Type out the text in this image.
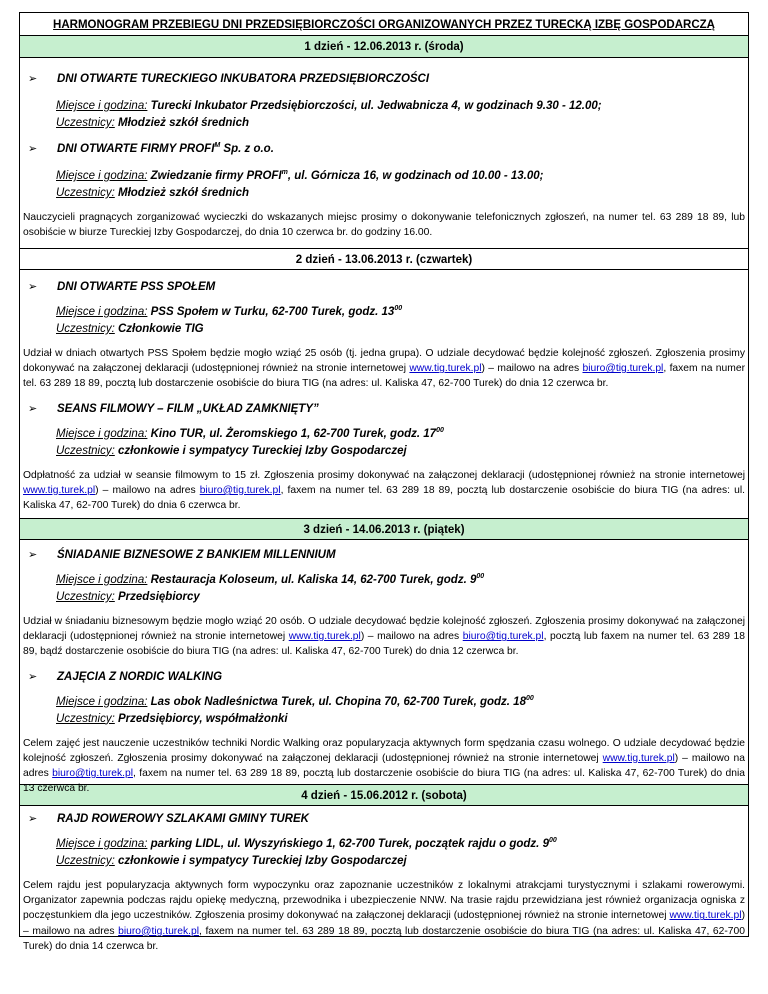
HARMONOGRAM PRZEBIEGU DNI PRZEDSIĘBIORCZOŚCI ORGANIZOWANYCH PRZEZ TURECKĄ IZBĘ GOSPODARCZĄ
1 dzień - 12.06.2013 r. (środa)
➢ DNI OTWARTE TURECKIEGO INKUBATORA PRZEDSIĘBIORCZOŚCI
Miejsce i godzina: Turecki Inkubator Przedsiębiorczości, ul. Jedwabnicza 4, w godzinach 9.30 - 12.00;
Uczestnicy: Młodzież szkół średnich
➢ DNI OTWARTE FIRMY $PROFI^M$ Sp. z o.o.
Miejsce i godzina: Zwiedzanie firmy PROFI$^m$, ul. Górnicza 16, w godzinach od 10.00 - 13.00;
Uczestnicy: Młodzież szkół średnich
Nauczycieli pragnących zorganizować wycieczki do wskazanych miejsc prosimy o dokonywanie telefonicznych zgłoszeń, na numer tel. 63 289 18 89, lub osobiście w biurze Tureckiej Izby Gospodarczej, do dnia 10 czerwca br. do godziny 16.00.
2 dzień - 13.06.2013 r. (czwartek)
➢ DNI OTWARTE PSS SPOŁEM
Miejsce i godzina: PSS Społem w Turku, 62-700 Turek, godz. $13^{00}$
Uczestnicy: Członkowie TIG
Udział w dniach otwartych PSS Społem będzie mogło wziąć 25 osób (tj. jedna grupa). O udziale decydować będzie kolejność zgłoszeń. Zgłoszenia prosimy dokonywać na załączonej deklaracji (udostępnionej również na stronie internetowej www.tig.turek.pl) – mailowo na adres biuro@tig.turek.pl, faxem na numer tel. 63 289 18 89, pocztą lub dostarczenie osobiście do biura TIG (na adres: ul. Kaliska 47, 62-700 Turek) do dnia 12 czerwca br.
➢ SEANS FILMOWY – FILM „UKŁAD ZAMKNIĘTY”
Miejsce i godzina: Kino TUR, ul. Żeromskiego 1, 62-700 Turek, godz. $17^{00}$
Uczestnicy: członkowie i sympatycy Tureckiej Izby Gospodarczej
Odpłatność za udział w seansie filmowym to 15 zł. Zgłoszenia prosimy dokonywać na załączonej deklaracji (udostępnionej również na stronie internetowej www.tig.turek.pl) – mailowo na adres biuro@tig.turek.pl, faxem na numer tel. 63 289 18 89, pocztą lub dostarczenie osobiście do biura TIG (na adres: ul. Kaliska 47, 62-700 Turek) do dnia 6 czerwca br.
3 dzień - 14.06.2013 r. (piątek)
➢ ŚNIADANIE BIZNESOWE Z BANKIEM MILLENNIUM
Miejsce i godzina: Restauracja Koloseum, ul. Kaliska 14, 62-700 Turek, godz. $9^{00}$
Uczestnicy: Przedsiębiorcy
Udział w śniadaniu biznesowym będzie mogło wziąć 20 osób. O udziale decydować będzie kolejność zgłoszeń. Zgłoszenia prosimy dokonywać na załączonej deklaracji (udostępnionej również na stronie internetowej www.tig.turek.pl) – mailowo na adres biuro@tig.turek.pl, pocztą lub faxem na numer tel. 63 289 18 89, bądź dostarczenie osobiście do biura TIG (na adres: ul. Kaliska 47, 62-700 Turek) do dnia 12 czerwca br.
➢ ZAJĘCIA Z NORDIC WALKING
Miejsce i godzina: Las obok Nadleśnictwa Turek, ul. Chopina 70, 62-700 Turek, godz. $18^{00}$
Uczestnicy: Przedsiębiorcy, współmałżonki
Celem zajęć jest nauczenie uczestników techniki Nordic Walking oraz popularyzacja aktywnych form spędzania czasu wolnego. O udziale decydować będzie kolejność zgłoszeń. Zgłoszenia prosimy dokonywać na załączonej deklaracji (udostępnionej również na stronie internetowej www.tig.turek.pl) – mailowo na adres biuro@tig.turek.pl, faxem na numer tel. 63 289 18 89, pocztą lub dostarczenie osobiście do biura TIG (na adres: ul. Kaliska 47, 62-700 Turek) do dnia 13 czerwca br.
4 dzień - 15.06.2012 r. (sobota)
➢ RAJD ROWEROWY SZLAKAMI GMINY TUREK
Miejsce i godzina: parking LIDL, ul. Wyszyńskiego 1, 62-700 Turek, początek rajdu o godz. $9^{00}$
Uczestnicy: członkowie i sympatycy Tureckiej Izby Gospodarczej
Celem rajdu jest popularyzacja aktywnych form wypoczynku oraz zapoznanie uczestników z lokalnymi atrakcjami turystycznymi i szlakami rowerowymi. Organizator zapewnia podczas rajdu opiekę medyczną, przewodnika i ubezpieczenie NNW. Na trasie rajdu przewidziana jest również organizacja ogniska z poczęstunkiem dla jego uczestników. Zgłoszenia prosimy dokonywać na załączonej deklaracji (udostępnionej również na stronie internetowej www.tig.turek.pl) – mailowo na adres biuro@tig.turek.pl, faxem na numer tel. 63 289 18 89, pocztą lub dostarczenie osobiście do biura TIG (na adres: ul. Kaliska 47, 62-700 Turek) do dnia 14 czerwca br.
